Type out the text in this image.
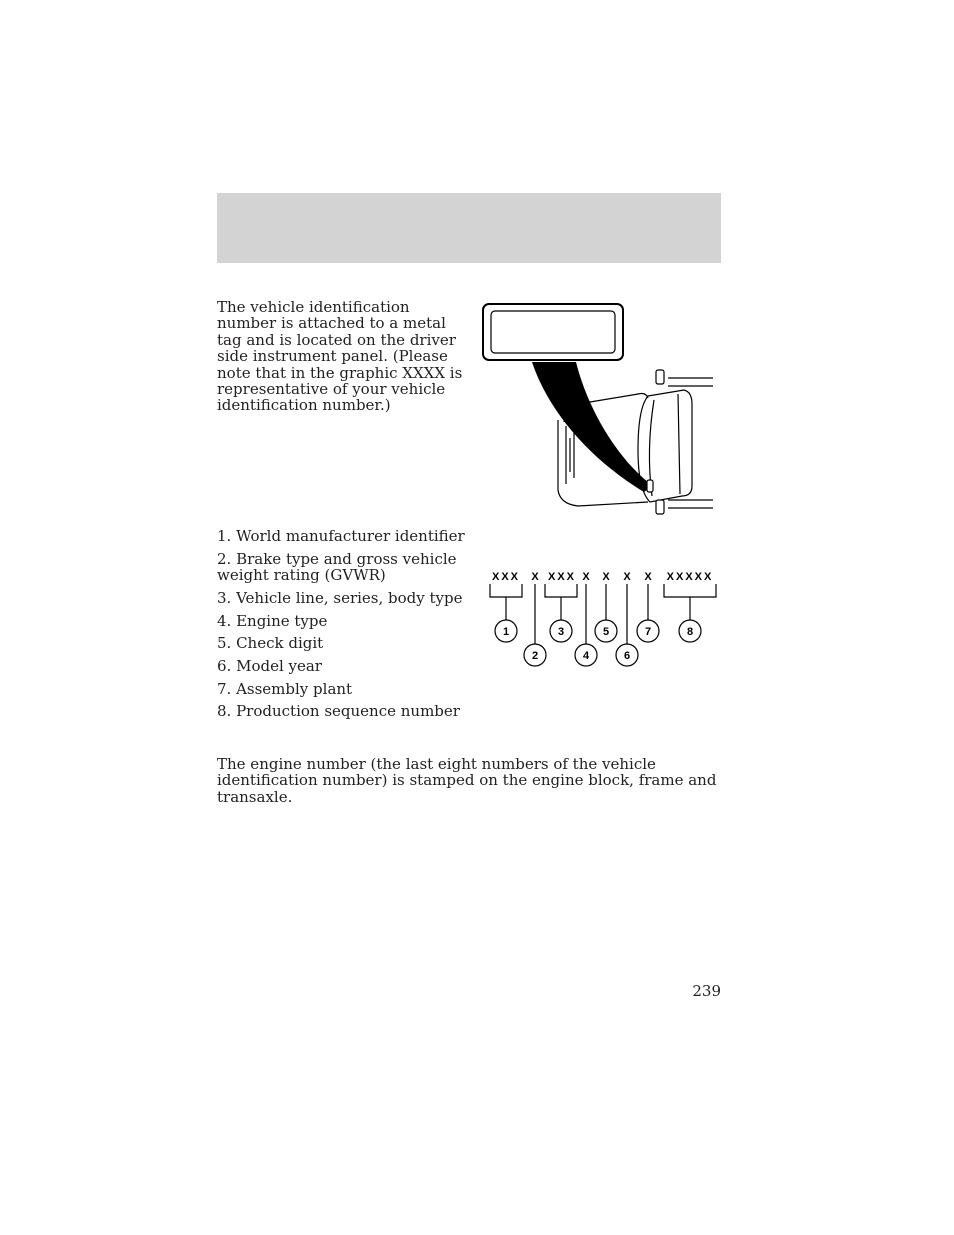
The vehicle identification number is attached to a metal tag and is located on the driver side instrument panel. (Please note that in the graphic XXXX is representative of your vehicle identification number.)

1. World manufacturer identifier
2. Brake type and gross vehicle weight rating (GVWR)
3. Vehicle line, series, body type
4. Engine type
5. Check digit
6. Model year
7. Assembly plant
8. Production sequence number
XXX X XXX X X X X XXXXX
1
2
3
4
5
6
7	8

The engine number (the last eight numbers of the vehicle identification number) is stamped on the engine block, frame and transaxle.

239
